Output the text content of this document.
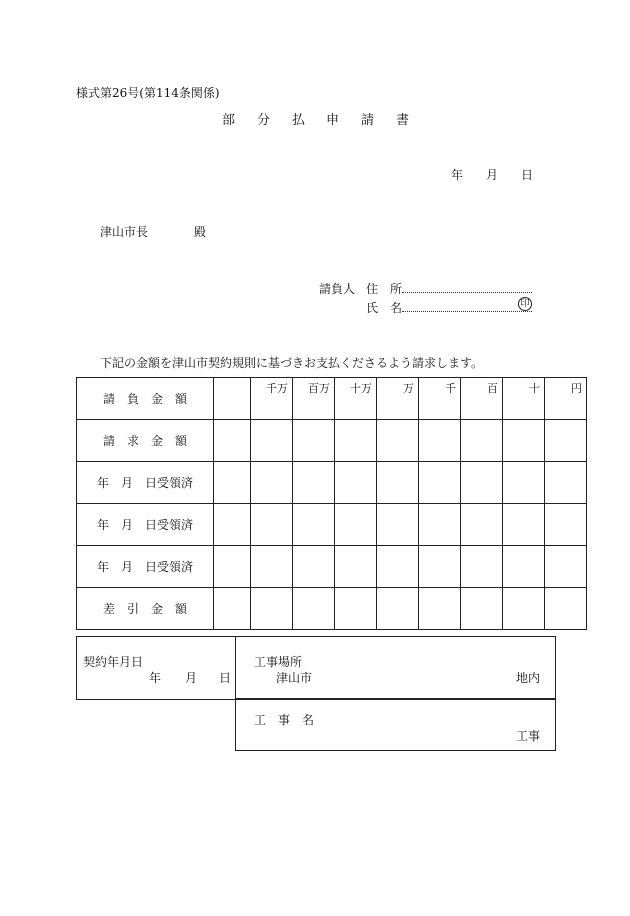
様式第26号(第114条関係)
部 分 払 申 請 書
年 月 日
津山市長	殿
請負人 住　所
氏　名	印
下記の金額を津山市契約規則に基づきお支払くださるよう請求します。
請　負　金　額		千万	百万	十万	万	千	百	十	円
請　求　金　額									
年　月　日受領済									
年　月　日受領済									
年　月　日受領済									
差　引　金　額									
契約年月日
年 月 日
工事場所
津山市	地内
工　事　名
工事
